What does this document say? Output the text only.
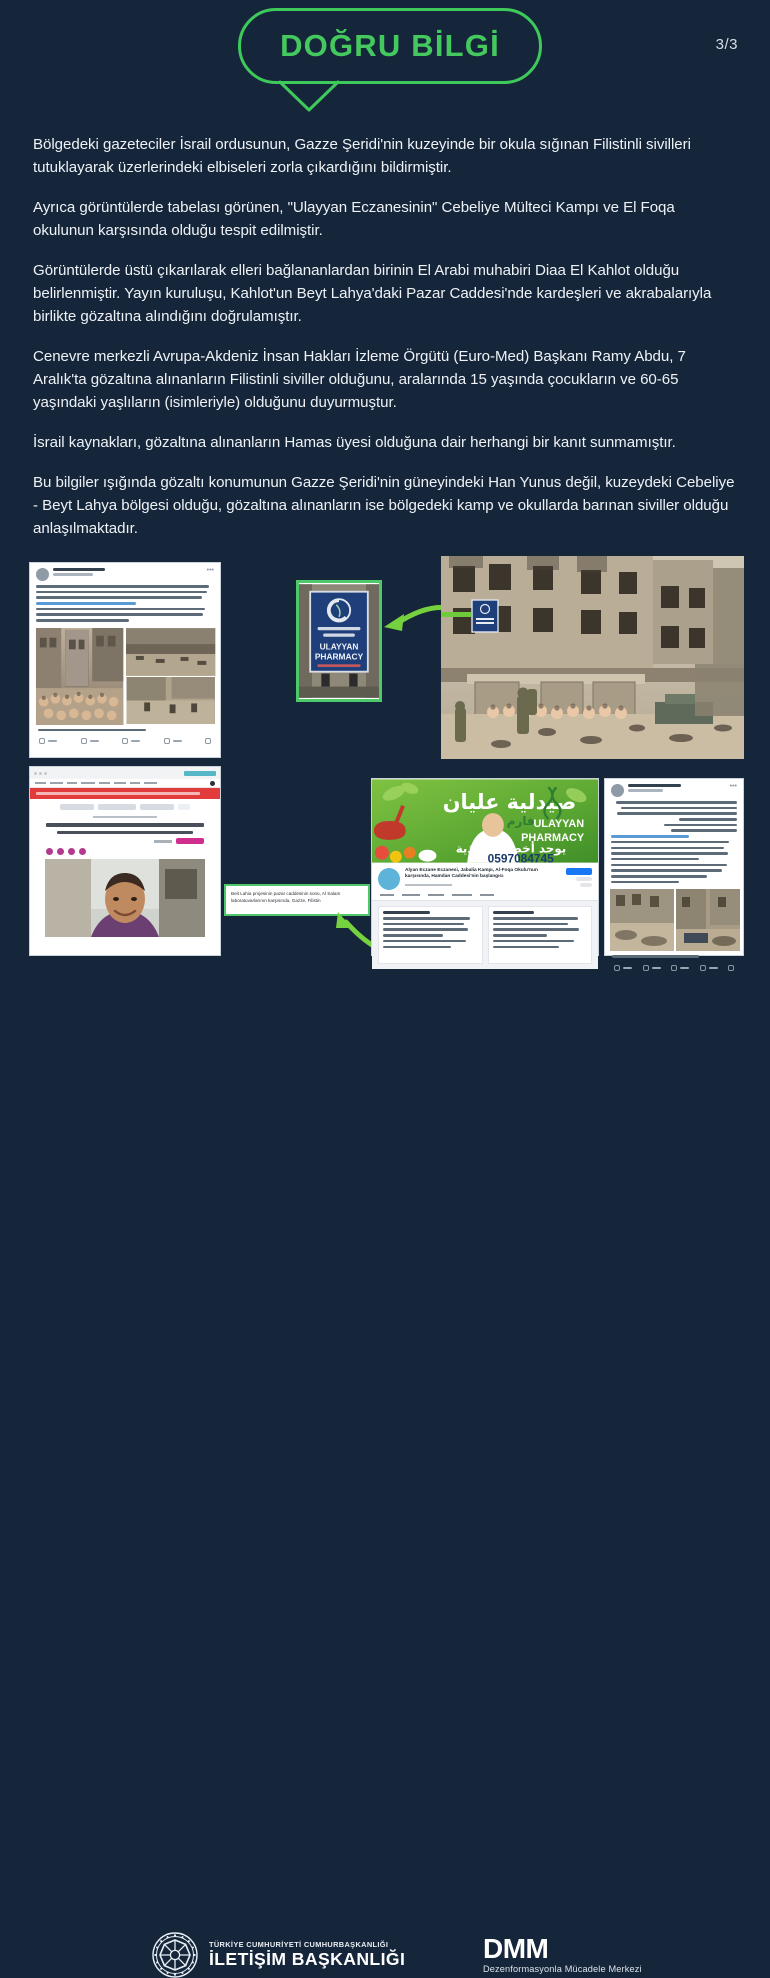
DOĞRU BİLGİ	3/3

Bölgedeki gazeteciler İsrail ordusunun, Gazze Şeridi'nin kuzeyinde bir okula sığınan Filistinli sivilleri tutuklayarak üzerlerindeki elbiseleri zorla çıkardığını bildirmiştir.

Ayrıca görüntülerde tabelası görünen, "Ulayyan Eczanesinin" Cebeliye Mülteci Kampı ve El Foqa okulunun karşısında olduğu tespit edilmiştir.

Görüntülerde üstü çıkarılarak elleri bağlananlardan birinin El Arabi muhabiri Diaa El Kahlot olduğu belirlenmiştir. Yayın kuruluşu, Kahlot'un Beyt Lahya'daki Pazar Caddesi'nde kardeşleri ve akrabalarıyla birlikte gözaltına alındığını doğrulamıştır.

Cenevre merkezli Avrupa-Akdeniz İnsan Hakları İzleme Örgütü (Euro-Med) Başkanı Ramy Abdu, 7 Aralık'ta gözaltına alınanların Filistinli siviller olduğunu, aralarında 15 yaşında çocukların ve 60-65 yaşındaki yaşlıların (isimleriyle) olduğunu duyurmuştur.

İsrail kaynakları, gözaltına alınanların Hamas üyesi olduğuna dair herhangi bir kanıt sunmamıştır.

Bu bilgiler ışığında gözaltı konumunun Gazze Şeridi'nin güneyindeki Han Yunus değil, kuzeydeki Cebeliye - Beyt Lahya bölgesi olduğu, gözaltına alınanların ise bölgedeki kamp ve okullarda barınan siviller olduğu anlaşılmaktadır.

•••
ULAYYAN
PHARMACY
Beit Lahia projesinin pazar caddesinin sonu, Al Salam laboratuvarlarının karşısında, Gazze, Filistin
صيدلية عليان
فارم
ULAYYAN
PHARMACY
يوجد أخصائية تغذية
0597084745
Alyan Eczane Eczanesi, Jabalia Kampı, Al-Foqa Okulu'nun karşısında, Hamdan Caddesi'nin başlangıcı
•••
TÜRKİYE CUMHURİYETİ CUMHURBAŞKANLIĞI
İLETİŞİM BAŞKANLIĞI	DMM
Dezenformasyonla Mücadele Merkezi
